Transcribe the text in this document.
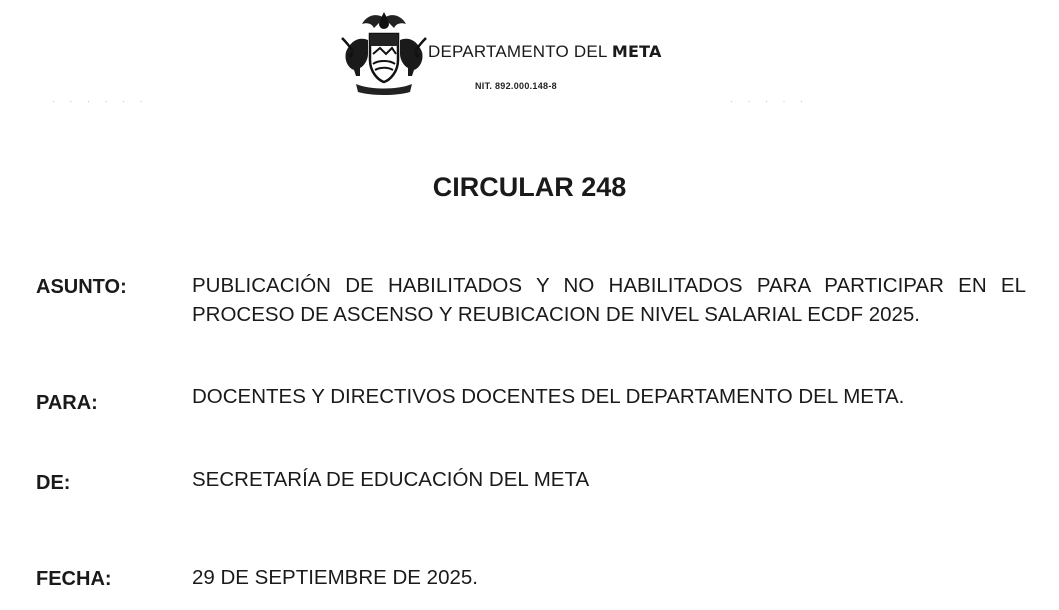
DEPARTAMENTO DEL META
NIT. 892.000.148-8
· · · · · ·	· · · · ·
CIRCULAR 248
ASUNTO:	PUBLICACIÓN DE HABILITADOS Y NO HABILITADOS PARA PARTICIPAR EN EL PROCESO DE ASCENSO Y REUBICACION DE NIVEL SALARIAL ECDF 2025.
PARA:	DOCENTES Y DIRECTIVOS DOCENTES DEL DEPARTAMENTO DEL META.
DE:	SECRETARÍA DE EDUCACIÓN DEL META
FECHA:	29 DE SEPTIEMBRE DE 2025.
